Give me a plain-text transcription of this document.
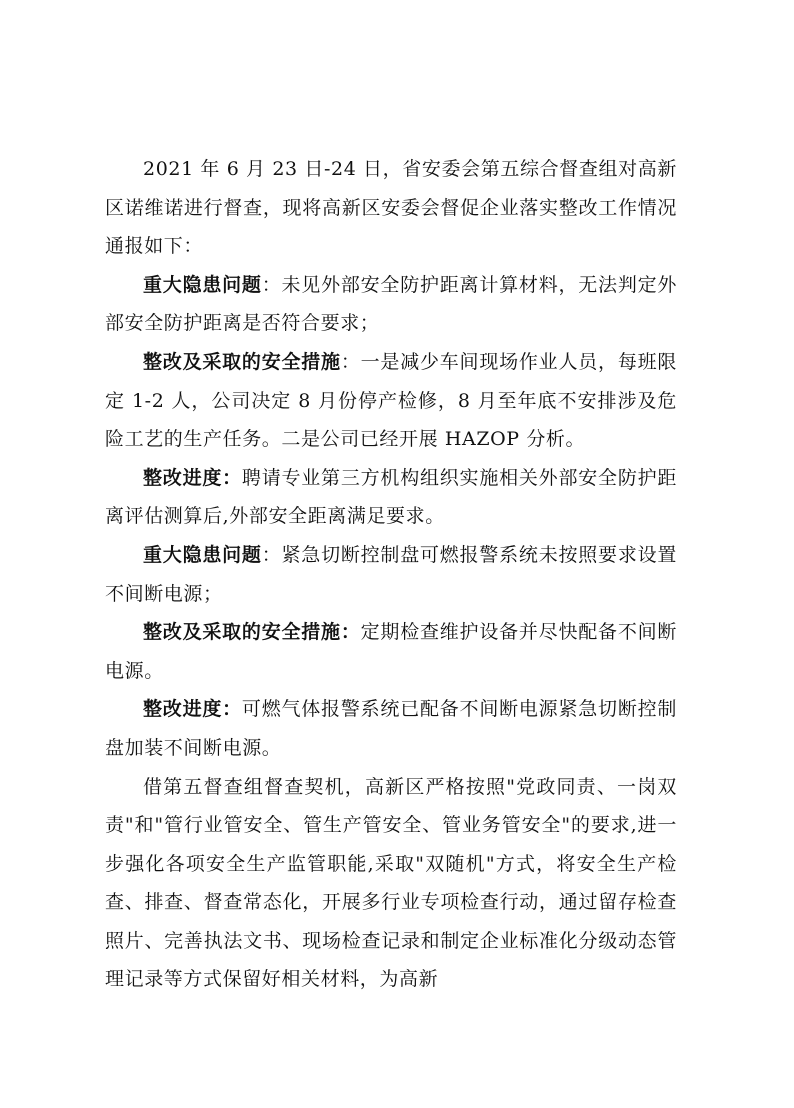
2021 年 6 月 23 日-24 日，省安委会第五综合督查组对高新区诺维诺进行督查，现将高新区安委会督促企业落实整改工作情况通报如下：

重大隐患问题：未见外部安全防护距离计算材料，无法判定外部安全防护距离是否符合要求；

整改及采取的安全措施：一是减少车间现场作业人员，每班限定 1-2 人，公司决定 8 月份停产检修，8 月至年底不安排涉及危险工艺的生产任务。二是公司已经开展 HAZOP 分析。

整改进度：聘请专业第三方机构组织实施相关外部安全防护距离评估测算后,外部安全距离满足要求。

重大隐患问题：紧急切断控制盘可燃报警系统未按照要求设置不间断电源；

整改及采取的安全措施：定期检查维护设备并尽快配备不间断电源。

整改进度：可燃气体报警系统已配备不间断电源紧急切断控制盘加装不间断电源。

借第五督查组督查契机，高新区严格按照"党政同责、一岗双责"和"管行业管安全、管生产管安全、管业务管安全"的要求,进一步强化各项安全生产监管职能,采取"双随机"方式，将安全生产检查、排查、督查常态化，开展多行业专项检查行动，通过留存检查照片、完善执法文书、现场检查记录和制定企业标准化分级动态管理记录等方式保留好相关材料，为高新
